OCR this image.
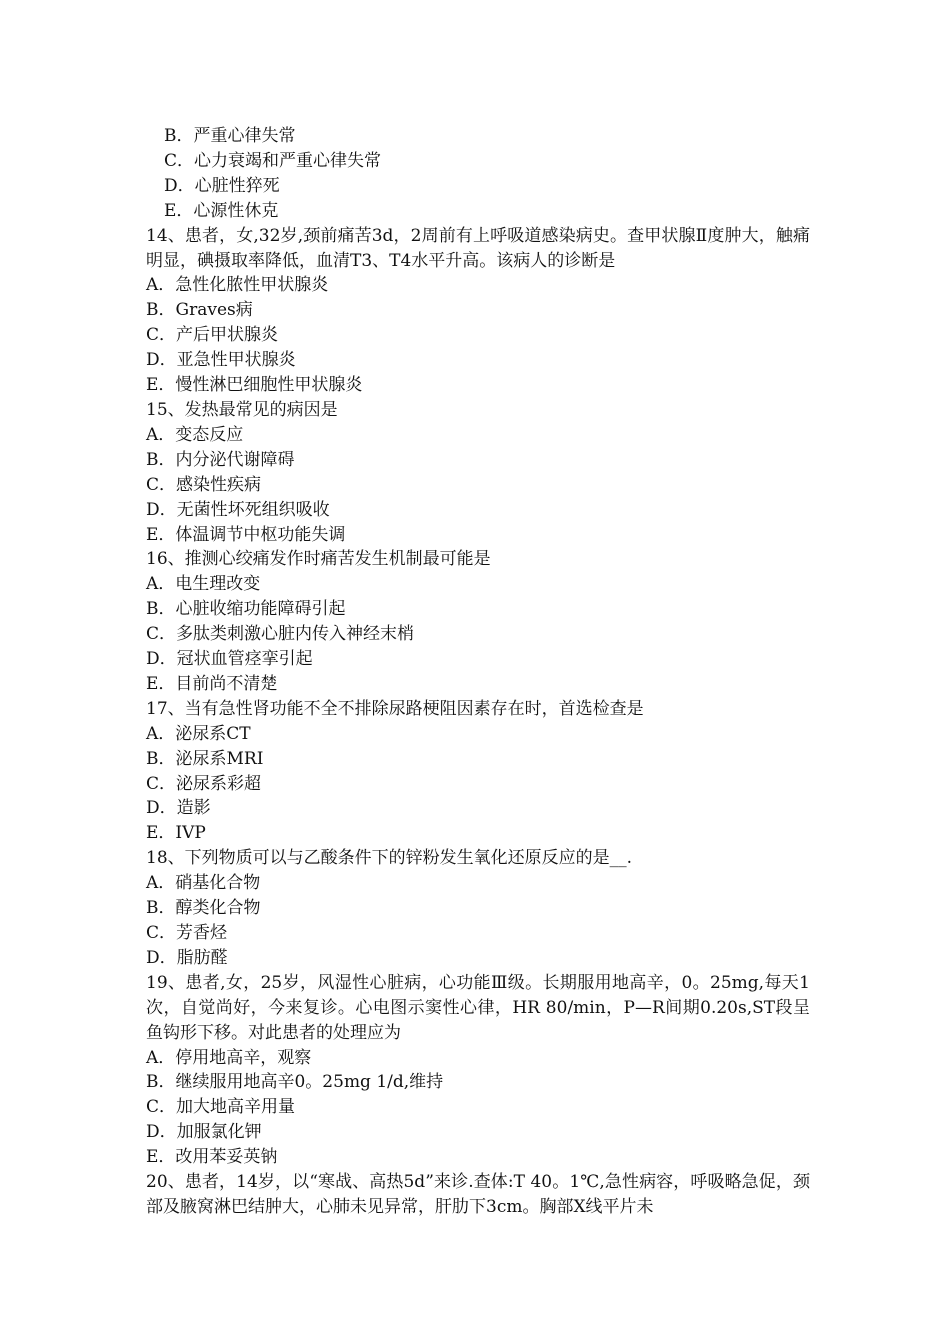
B．严重心律失常
C．心力衰竭和严重心律失常
D．心脏性猝死
E．心源性休克
14、患者，女,32岁,颈前痛苦3d，2周前有上呼吸道感染病史。查甲状腺Ⅱ度肿大，触痛明显，碘摄取率降低，血清T3、T4水平升高。该病人的诊断是
A．急性化脓性甲状腺炎
B．Graves病
C．产后甲状腺炎
D．亚急性甲状腺炎
E．慢性淋巴细胞性甲状腺炎
15、发热最常见的病因是
A．变态反应
B．内分泌代谢障碍
C．感染性疾病
D．无菌性坏死组织吸收
E．体温调节中枢功能失调
16、推测心绞痛发作时痛苦发生机制最可能是
A．电生理改变
B．心脏收缩功能障碍引起
C．多肽类刺激心脏内传入神经末梢
D．冠状血管痉挛引起
E．目前尚不清楚
17、当有急性肾功能不全不排除尿路梗阻因素存在时，首选检查是
A．泌尿系CT
B．泌尿系MRI
C．泌尿系彩超
D．造影
E．IVP
18、下列物质可以与乙酸条件下的锌粉发生氧化还原反应的是__.
A．硝基化合物
B．醇类化合物
C．芳香烃
D．脂肪醛
19、患者,女，25岁，风湿性心脏病，心功能Ⅲ级。长期服用地高辛，0。25mg,每天1次，自觉尚好，今来复诊。心电图示窦性心律，HR 80/min，P—R间期0.20s,ST段呈鱼钩形下移。对此患者的处理应为
A．停用地高辛，观察
B．继续服用地高辛0。25mg 1/d,维持
C．加大地高辛用量
D．加服氯化钾
E．改用苯妥英钠
20、患者，14岁，以“寒战、高热5d”来诊.查体:T 40。1℃,急性病容，呼吸略急促，颈部及腋窝淋巴结肿大，心肺未见异常，肝肋下3cm。胸部X线平片未
